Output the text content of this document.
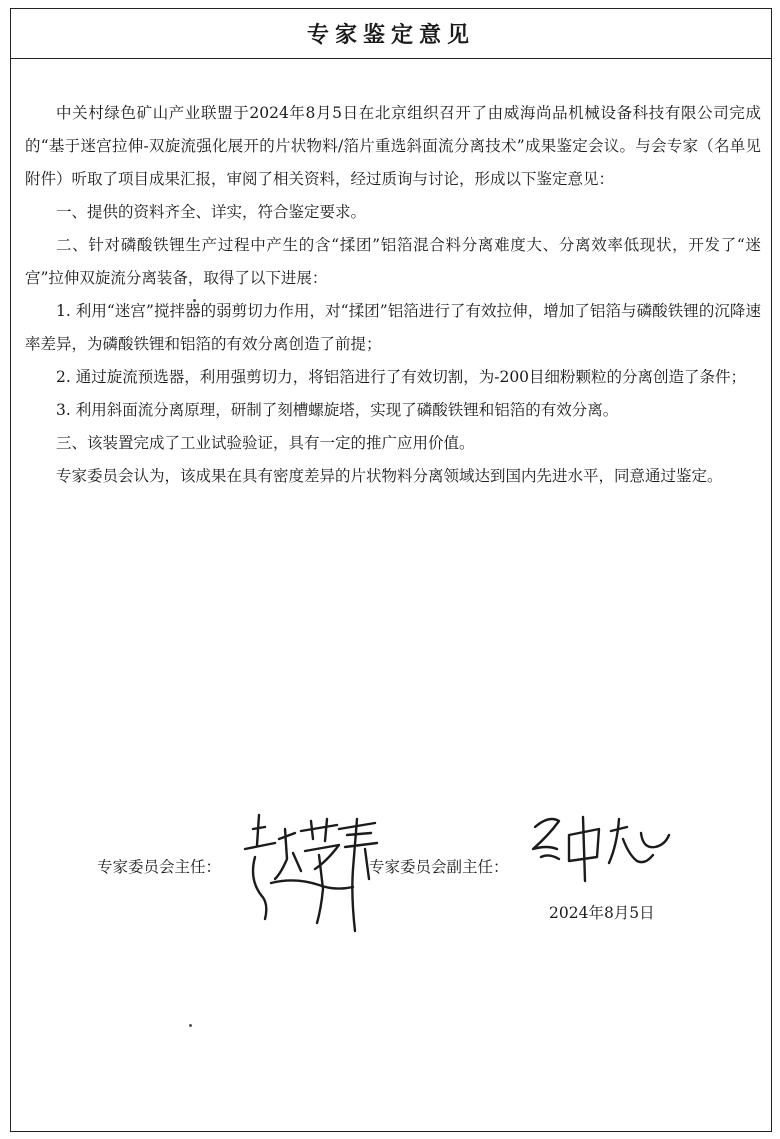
专家鉴定意见

中关村绿色矿山产业联盟于2024年8月5日在北京组织召开了由威海尚品机械设备科技有限公司完成的“基于迷宫拉伸-双旋流强化展开的片状物料/箔片重选斜面流分离技术”成果鉴定会议。与会专家（名单见附件）听取了项目成果汇报，审阅了相关资料，经过质询与讨论，形成以下鉴定意见：

一、提供的资料齐全、详实，符合鉴定要求。

二、针对磷酸铁锂生产过程中产生的含“揉团”铝箔混合料分离难度大、分离效率低现状，开发了“迷宫”拉伸双旋流分离装备，取得了以下进展：

1. 利用“迷宫”搅拌器的弱剪切力作用，对“揉团”铝箔进行了有效拉伸，增加了铝箔与磷酸铁锂的沉降速率差异，为磷酸铁锂和铝箔的有效分离创造了前提；

2. 通过旋流预选器，利用强剪切力，将铝箔进行了有效切割，为-200目细粉颗粒的分离创造了条件；

3. 利用斜面流分离原理，研制了刻槽螺旋塔，实现了磷酸铁锂和铝箔的有效分离。

三、该装置完成了工业试验验证，具有一定的推广应用价值。

专家委员会认为，该成果在具有密度差异的片状物料分离领域达到国内先进水平，同意通过鉴定。

专家委员会主任：	专家委员会副主任：
2024年8月5日
